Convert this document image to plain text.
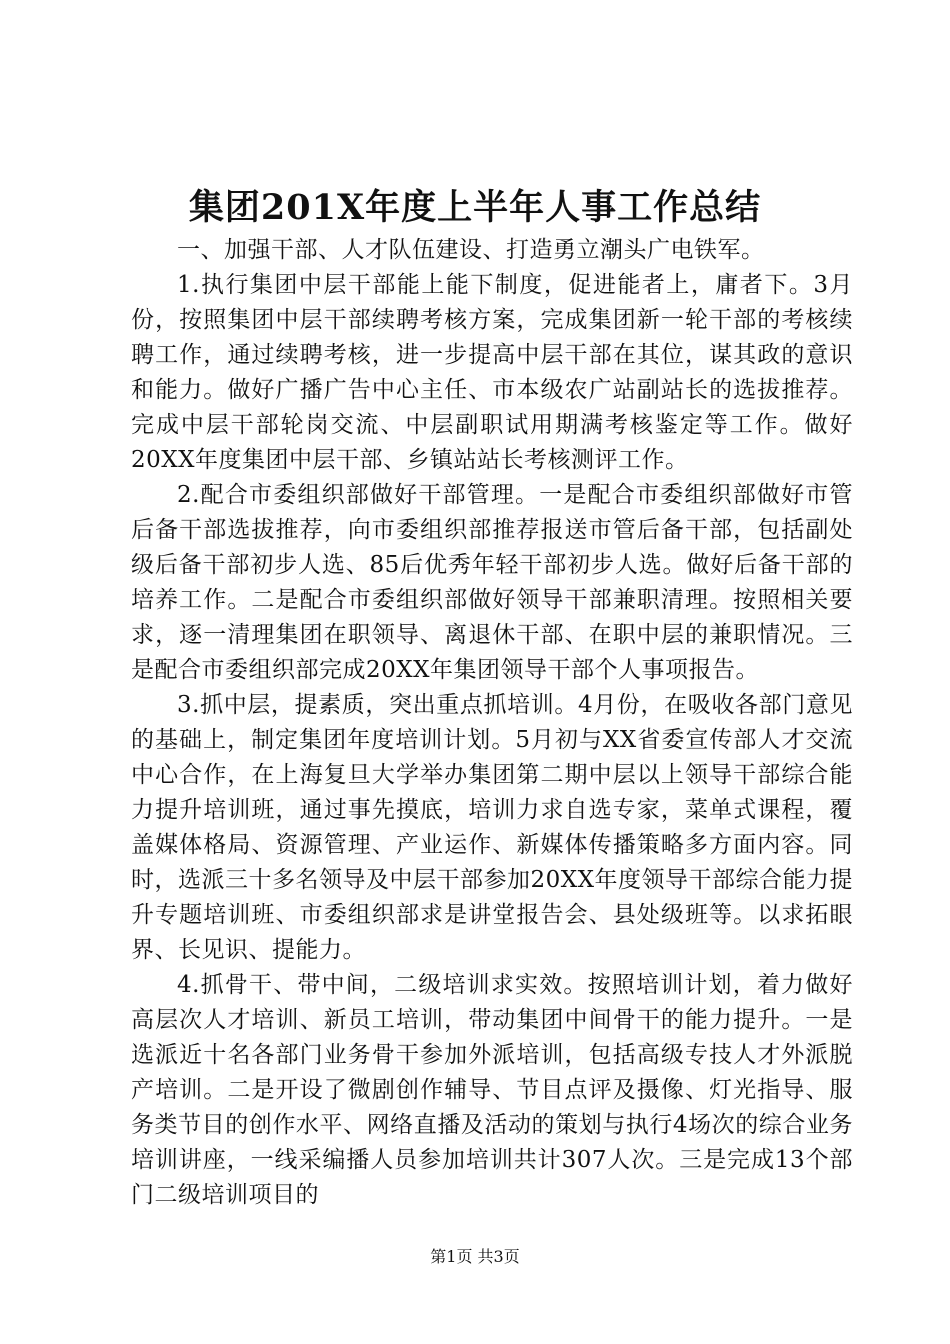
集团201X年度上半年人事工作总结

一、加强干部、人才队伍建设、打造勇立潮头广电铁军。

1.执行集团中层干部能上能下制度，促进能者上，庸者下。3月份，按照集团中层干部续聘考核方案，完成集团新一轮干部的考核续聘工作，通过续聘考核，进一步提高中层干部在其位，谋其政的意识和能力。做好广播广告中心主任、市本级农广站副站长的选拔推荐。完成中层干部轮岗交流、中层副职试用期满考核鉴定等工作。做好20XX年度集团中层干部、乡镇站站长考核测评工作。

2.配合市委组织部做好干部管理。一是配合市委组织部做好市管后备干部选拔推荐，向市委组织部推荐报送市管后备干部，包括副处级后备干部初步人选、85后优秀年轻干部初步人选。做好后备干部的培养工作。二是配合市委组织部做好领导干部兼职清理。按照相关要求，逐一清理集团在职领导、离退休干部、在职中层的兼职情况。三是配合市委组织部完成20XX年集团领导干部个人事项报告。

3.抓中层，提素质，突出重点抓培训。4月份，在吸收各部门意见的基础上，制定集团年度培训计划。5月初与XX省委宣传部人才交流中心合作，在上海复旦大学举办集团第二期中层以上领导干部综合能力提升培训班，通过事先摸底，培训力求自选专家，菜单式课程，覆盖媒体格局、资源管理、产业运作、新媒体传播策略多方面内容。同时，选派三十多名领导及中层干部参加20XX年度领导干部综合能力提升专题培训班、市委组织部求是讲堂报告会、县处级班等。以求拓眼界、长见识、提能力。

4.抓骨干、带中间，二级培训求实效。按照培训计划，着力做好高层次人才培训、新员工培训，带动集团中间骨干的能力提升。一是选派近十名各部门业务骨干参加外派培训，包括高级专技人才外派脱产培训。二是开设了微剧创作辅导、节目点评及摄像、灯光指导、服务类节目的创作水平、网络直播及活动的策划与执行4场次的综合业务培训讲座，一线采编播人员参加培训共计307人次。三是完成13个部门二级培训项目的

第1页 共3页
